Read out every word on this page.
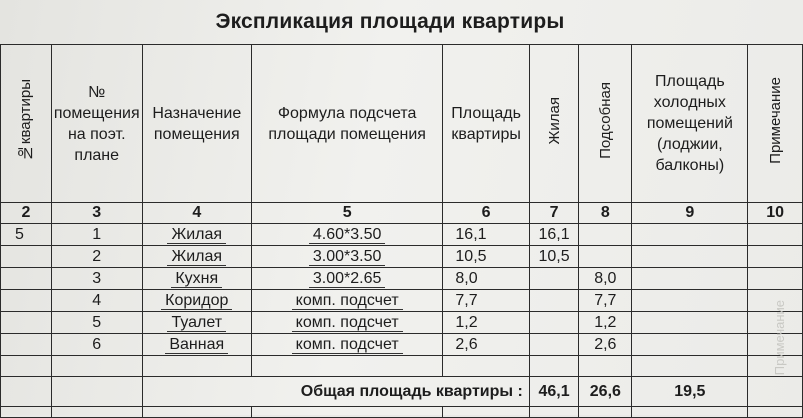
Экспликация площади квартиры
№квартиры	№ помещения на поэт. плане	Назначение помещения	Формула подсчета площади помещения	Площадь квартиры	Жилая	Подсобная	Площадь холодных помещений (лоджии, балконы)	Примечание
2	3	4	5	6	7	8	9	10
5	1	Жилая	4.60*3.50	16,1	16,1			
	2	Жилая	3.00*3.50	10,5	10,5			
	3	Кухня	3.00*2.65	8,0		8,0		
	4	Коридор	комп. подсчет	7,7		7,7		
	5	Туалет	комп. подсчет	1,2		1,2		
	6	Ванная	комп. подсчет	2,6		2,6		

		Общая площадь квартиры :			46,1	26,6	19,5	

Примечание
